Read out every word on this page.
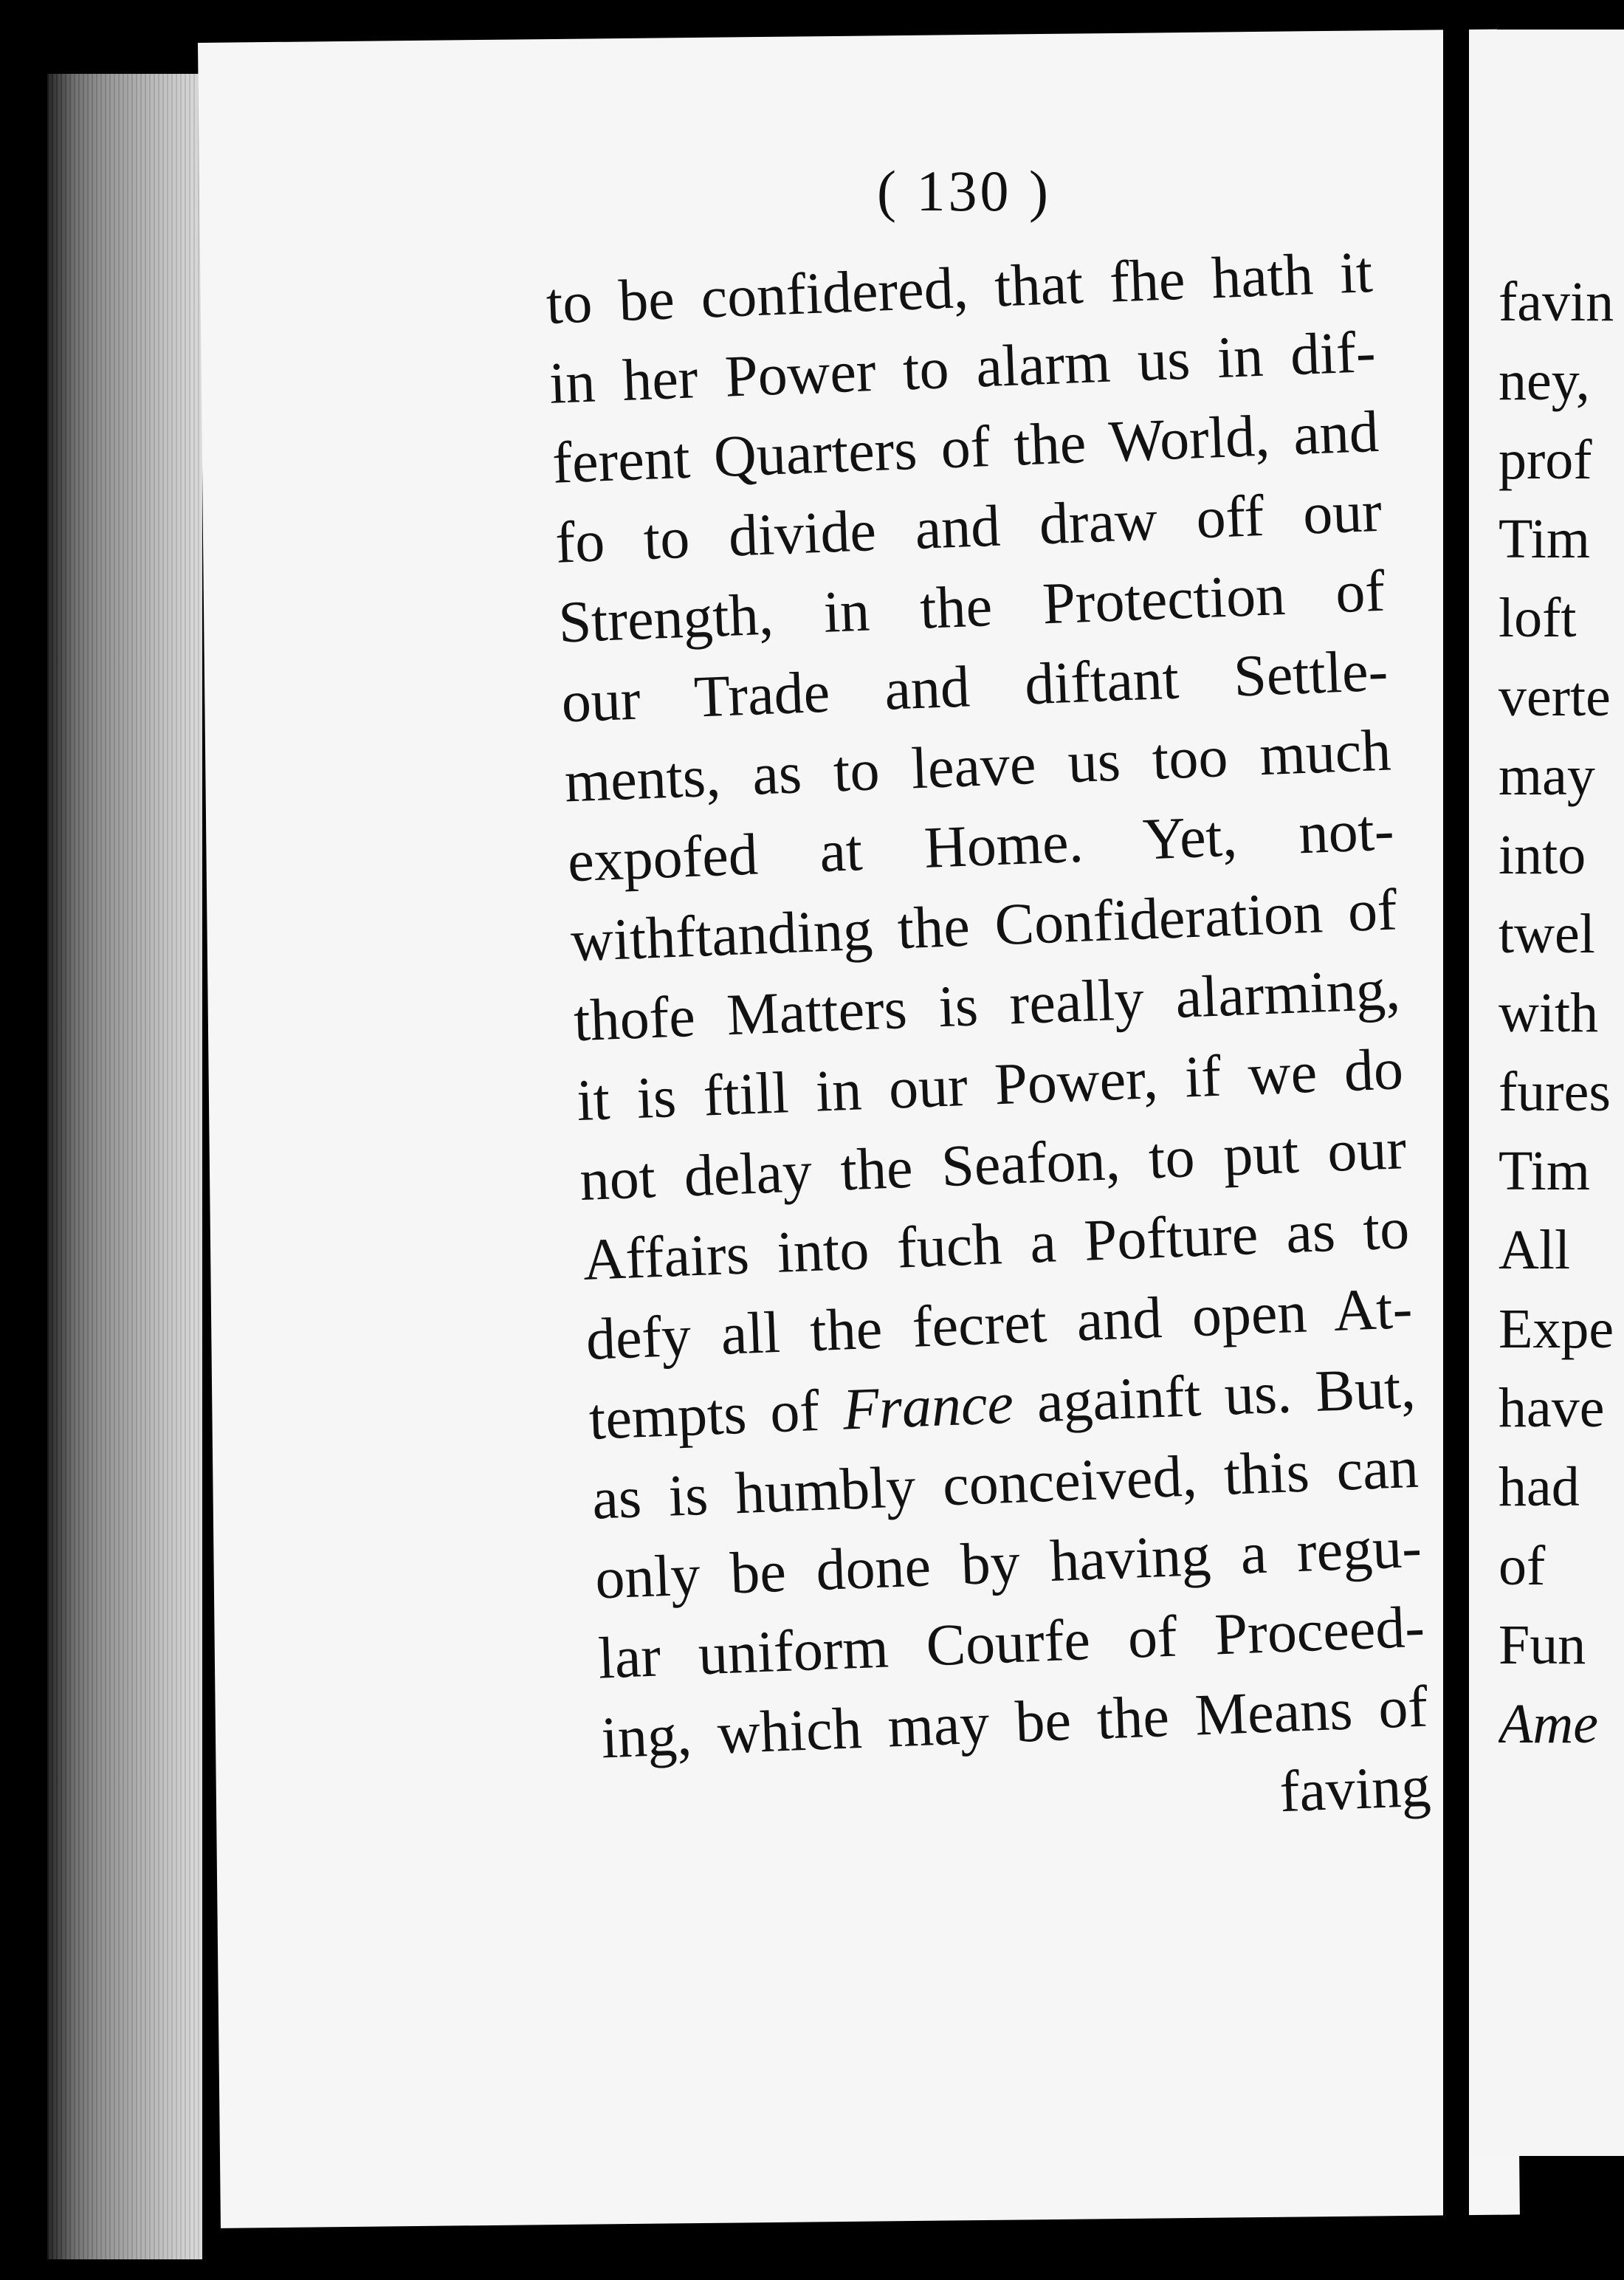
( 130 )
to be confidered, that fhe hath it
in her Power to alarm us in dif-
ferent Quarters of the World, and
fo to divide and draw off our
Strength, in the Protection of
our Trade and diftant Settle-
ments, as to leave us too much
expofed at Home. Yet, not-
withftanding the Confideration of
thofe Matters is really alarming,
it is ftill in our Power, if we do
not delay the Seafon, to put our
Affairs into fuch a Pofture as to
defy all the fecret and open At-
tempts of France againft us. But,
as is humbly conceived, this can
only be done by having a regu-
lar uniform Courfe of Proceed-
ing, which may be the Means of
faving
favin
ney,
prof
Tim
loft
verte
may
into
twel
with
fures
Tim
All
Expe
have
had
of
Fun
Ame
